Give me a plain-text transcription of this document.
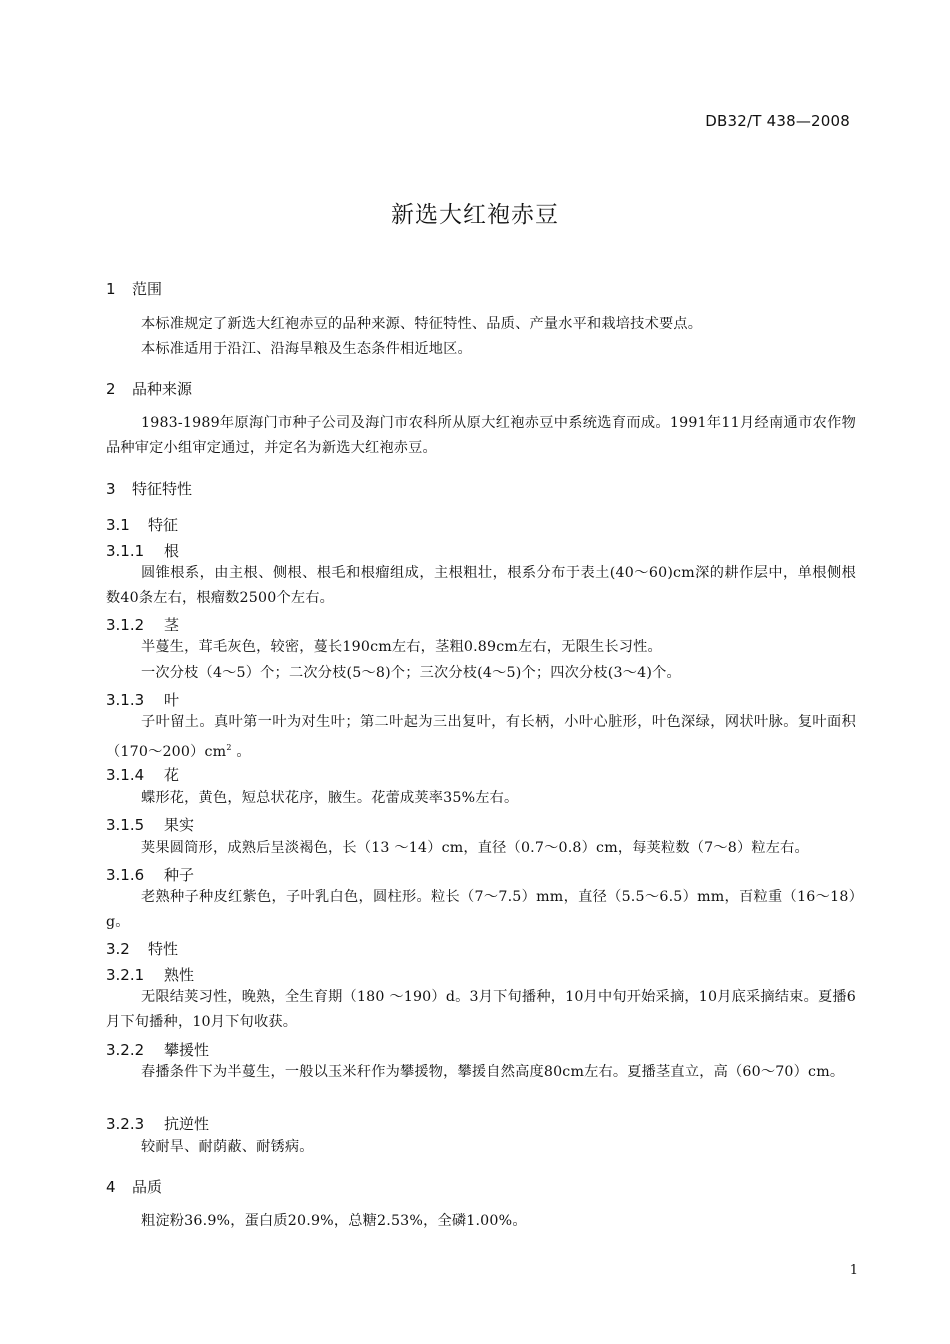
DB32/T 438—2008
新选大红袍赤豆
1 范围
本标准规定了新选大红袍赤豆的品种来源、特征特性、品质、产量水平和栽培技术要点。
本标准适用于沿江、沿海旱粮及生态条件相近地区。
2 品种来源
1983-1989年原海门市种子公司及海门市农科所从原大红袍赤豆中系统选育而成。1991年11月经南通市农作物品种审定小组审定通过，并定名为新选大红袍赤豆。
3 特征特性
3.1 特征
3.1.1 根
圆锥根系，由主根、侧根、根毛和根瘤组成，主根粗壮，根系分布于表土(40～60)cm深的耕作层中，单根侧根数40条左右，根瘤数2500个左右。
3.1.2 茎
半蔓生，茸毛灰色，较密，蔓长190cm左右，茎粗0.89cm左右，无限生长习性。
一次分枝（4～5）个；二次分枝(5～8)个；三次分枝(4～5)个；四次分枝(3～4)个。
3.1.3 叶
子叶留土。真叶第一叶为对生叶；第二叶起为三出复叶，有长柄，小叶心脏形，叶色深绿，网状叶脉。复叶面积$(170\sim 200)cm^2$ 。
3.1.4 花
蝶形花，黄色，短总状花序，腋生。花蕾成荚率35%左右。
3.1.5 果实
荚果圆筒形，成熟后呈淡褐色，长（13 ～14）cm，直径（0.7～0.8）cm，每荚粒数（7～8）粒左右。
3.1.6 种子
老熟种子种皮红紫色，子叶乳白色，圆柱形。粒长（7～7.5）mm，直径（5.5～6.5）mm，百粒重（16～18）g。
3.2 特性
3.2.1 熟性
无限结荚习性，晚熟，全生育期（180 ～190）d。3月下旬播种，10月中旬开始采摘，10月底采摘结束。夏播6月下旬播种，10月下旬收获。
3.2.2 攀援性
春播条件下为半蔓生，一般以玉米秆作为攀援物，攀援自然高度80cm左右。夏播茎直立，高（60～70）cm。
3.2.3 抗逆性
较耐旱、耐荫蔽、耐锈病。
4 品质
粗淀粉36.9%，蛋白质20.9%，总糖2.53%，全磷1.00%。
1
